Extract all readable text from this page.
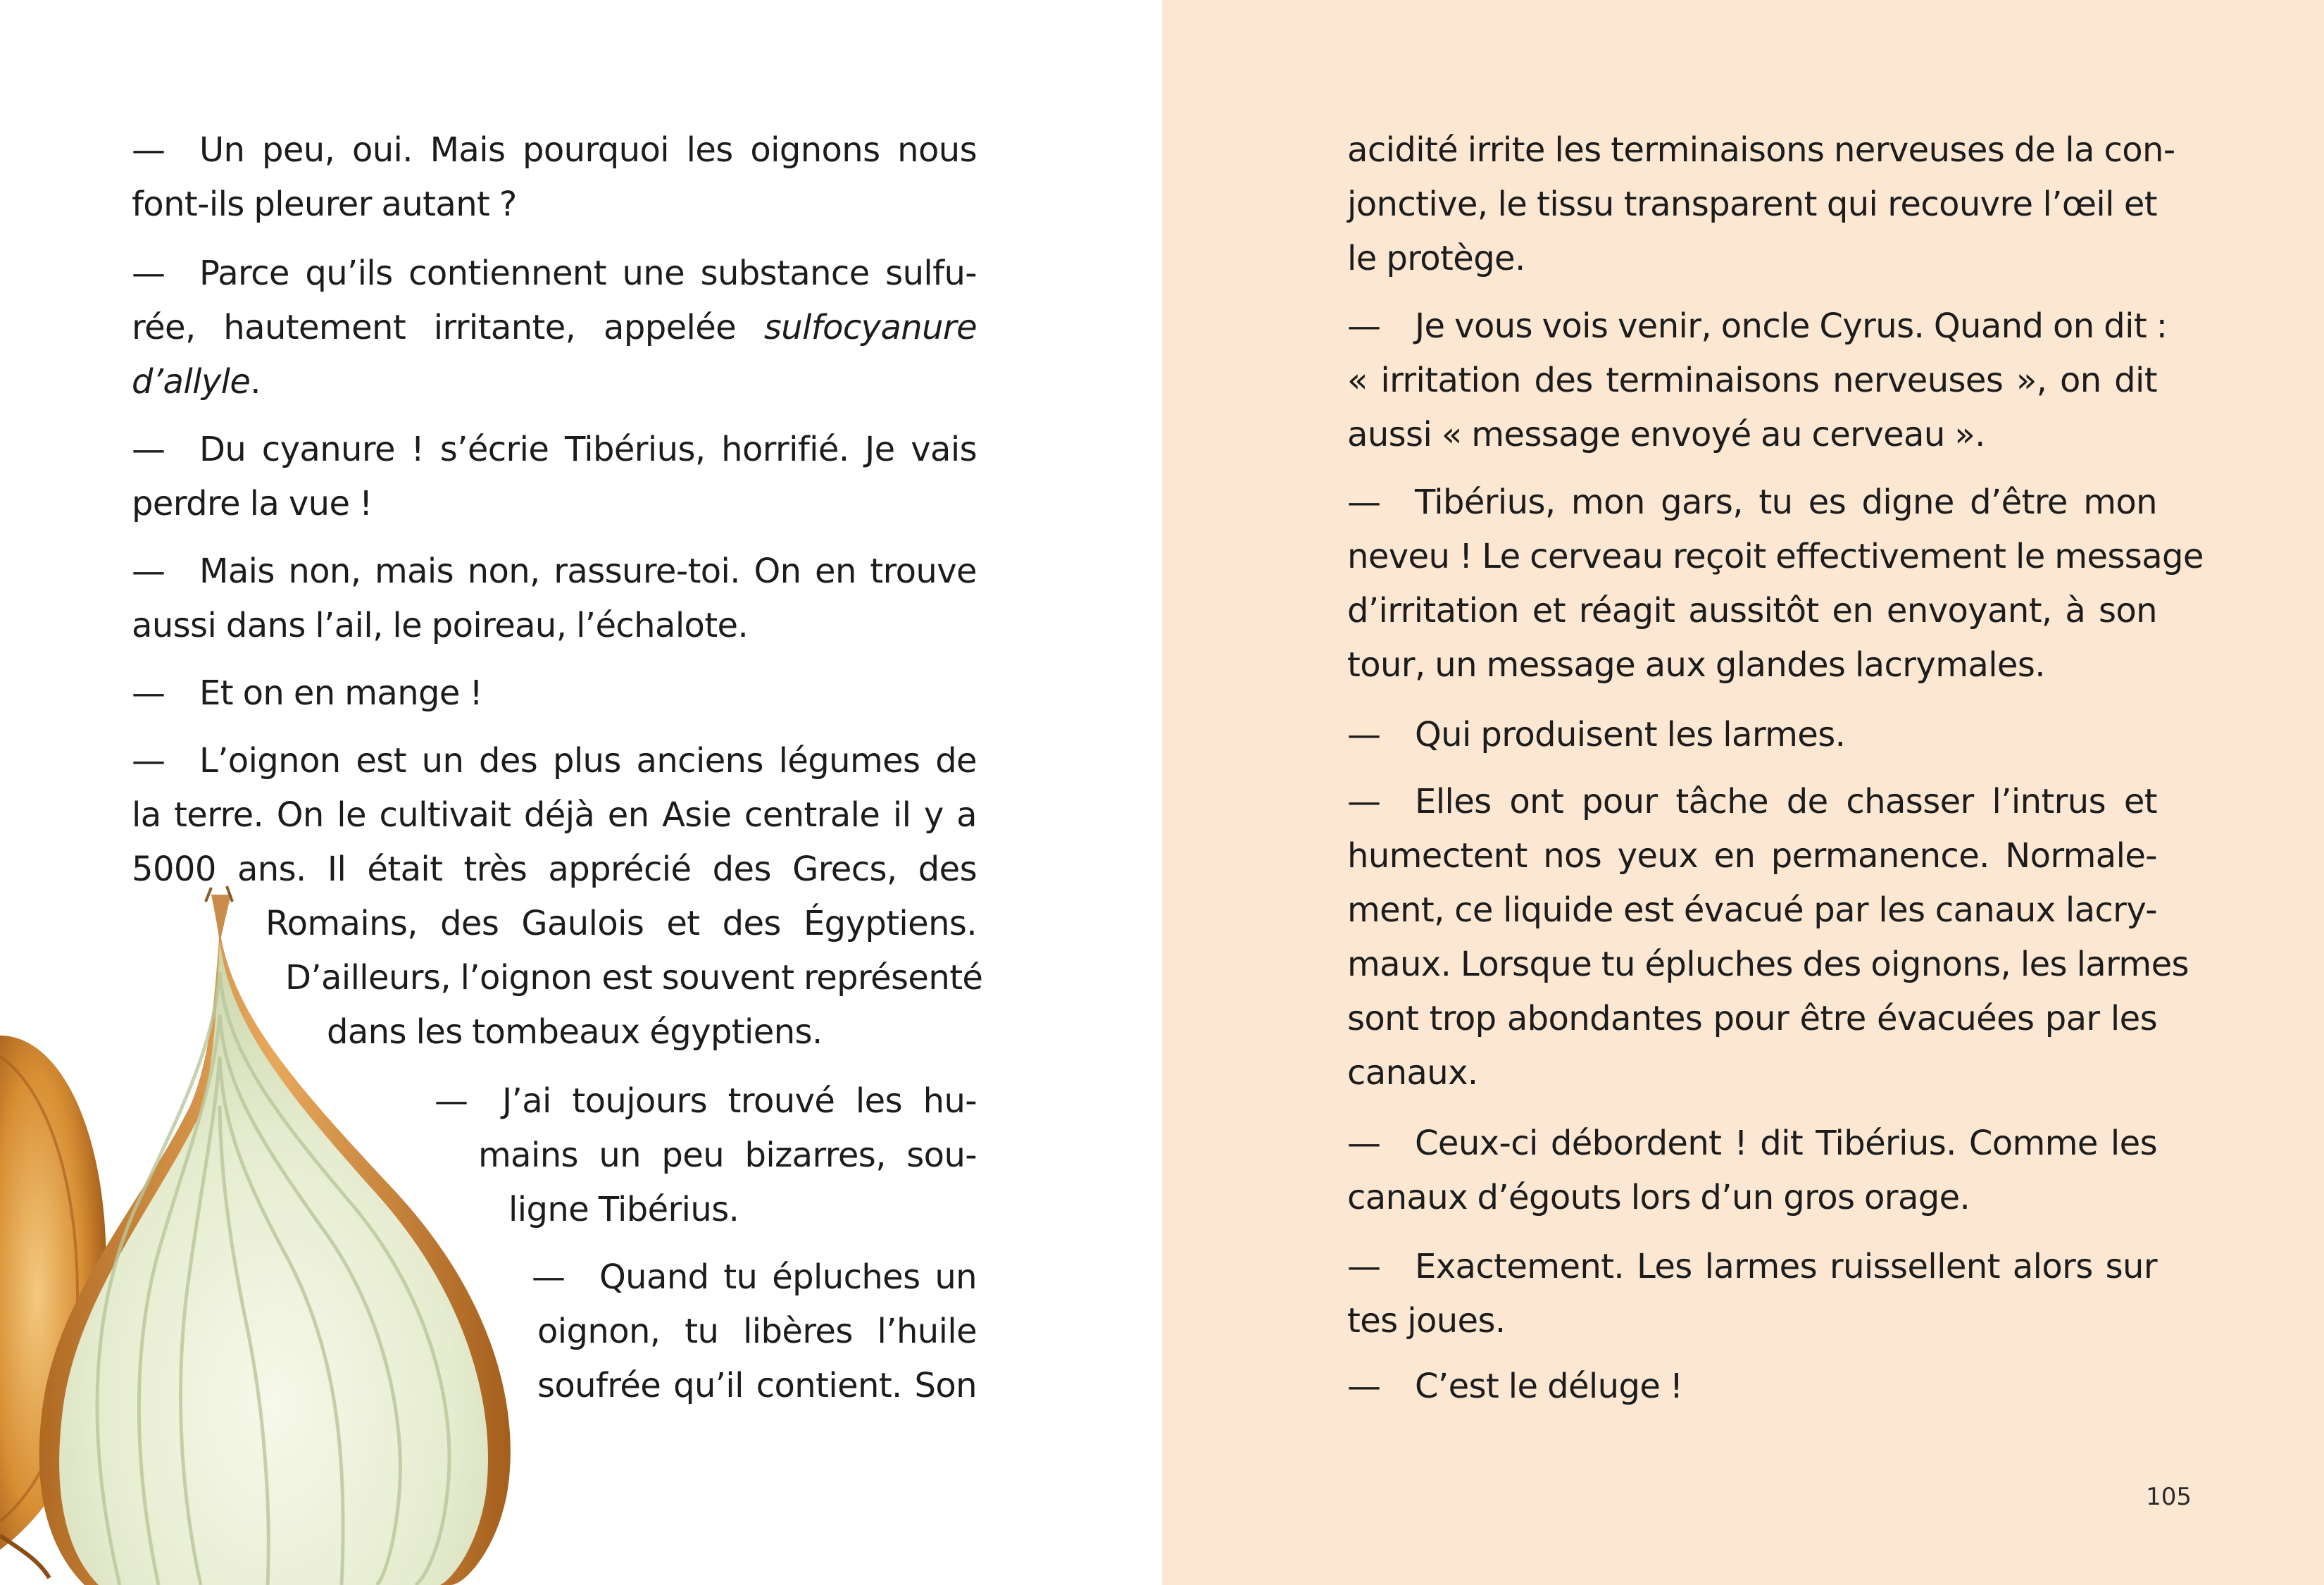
— Un peu, oui. Mais pourquoi les oignons nous
font-ils pleurer autant ?
— Parce qu’ils contiennent une substance sulfu-
rée, hautement irritante, appelée sulfocyanure
d’allyle.
— Du cyanure ! s’écrie Tibérius, horrifié. Je vais
perdre la vue !
— Mais non, mais non, rassure-toi. On en trouve
aussi dans l’ail, le poireau, l’échalote.
— Et on en mange !
— L’oignon est un des plus anciens légumes de
la terre. On le cultivait déjà en Asie centrale il y a
5000 ans. Il était très apprécié des Grecs, des
Romains, des Gaulois et des Égyptiens.
D’ailleurs, l’oignon est souvent représenté
dans les tombeaux égyptiens.
— J’ai toujours trouvé les hu-
mains un peu bizarres, sou-
ligne Tibérius.
— Quand tu épluches un
oignon, tu libères l’huile
soufrée qu’il contient. Son
acidité irrite les terminaisons nerveuses de la con-
jonctive, le tissu transparent qui recouvre l’œil et
le protège.
— Je vous vois venir, oncle Cyrus. Quand on dit :
« irritation des terminaisons nerveuses », on dit
aussi « message envoyé au cerveau ».
— Tibérius, mon gars, tu es digne d’être mon
neveu ! Le cerveau reçoit effectivement le message
d’irritation et réagit aussitôt en envoyant, à son
tour, un message aux glandes lacrymales.
— Qui produisent les larmes.
— Elles ont pour tâche de chasser l’intrus et
humectent nos yeux en permanence. Normale-
ment, ce liquide est évacué par les canaux lacry-
maux. Lorsque tu épluches des oignons, les larmes
sont trop abondantes pour être évacuées par les
canaux.
— Ceux-ci débordent ! dit Tibérius. Comme les
canaux d’égouts lors d’un gros orage.
— Exactement. Les larmes ruissellent alors sur
tes joues.
— C’est le déluge !

105
